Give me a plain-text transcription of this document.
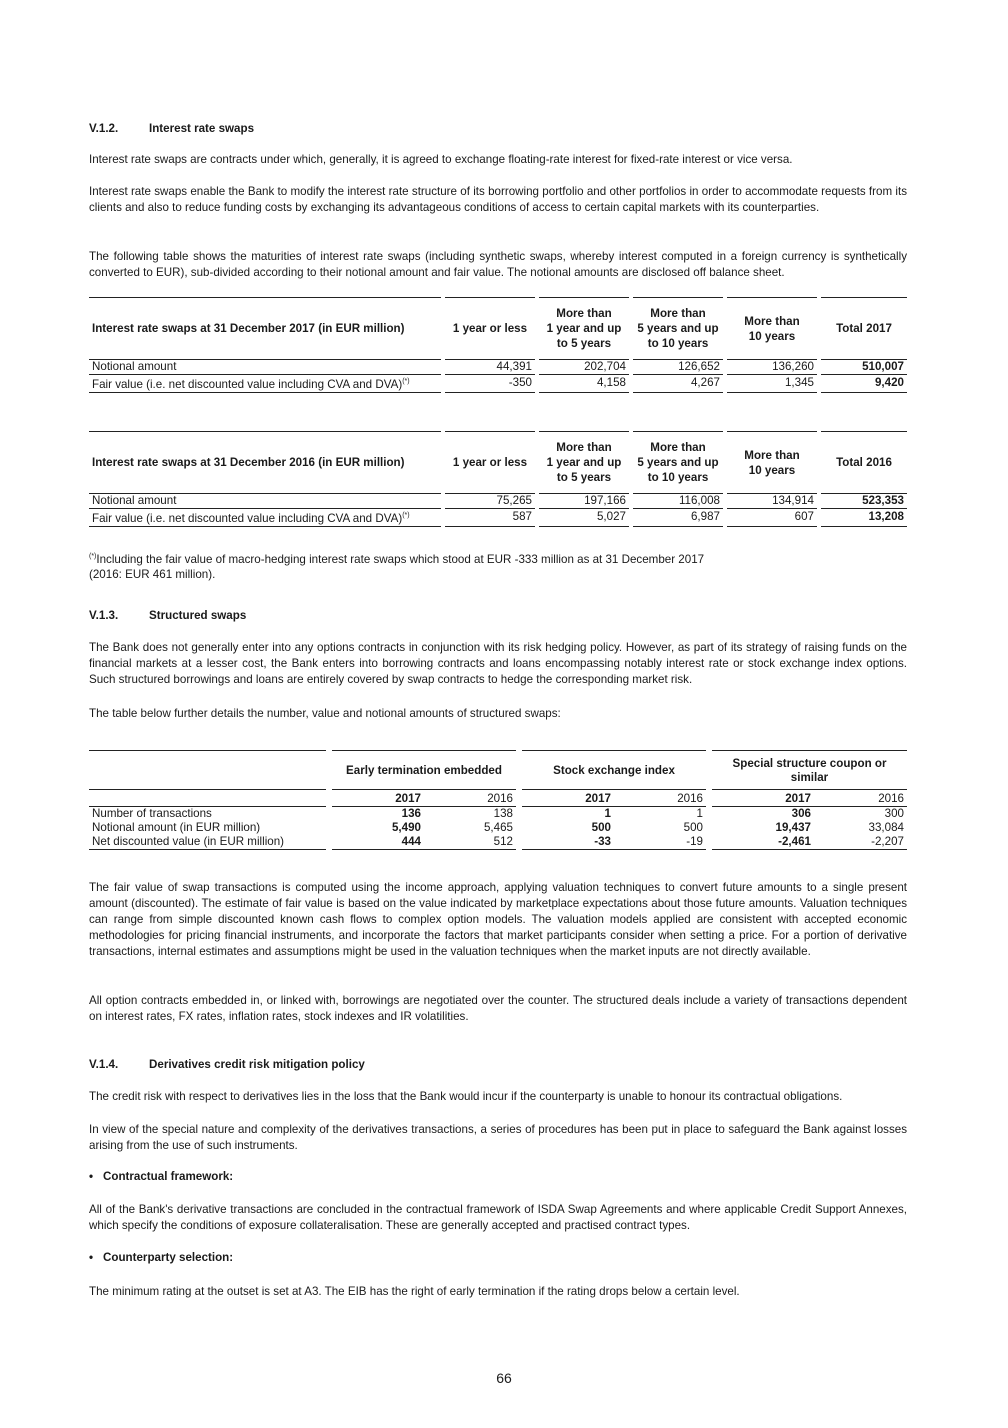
V.1.2.	Interest rate swaps

Interest rate swaps are contracts under which, generally, it is agreed to exchange floating-rate interest for fixed-rate interest or vice versa.

Interest rate swaps enable the Bank to modify the interest rate structure of its borrowing portfolio and other portfolios in order to accommodate requests from its clients and also to reduce funding costs by exchanging its advantageous conditions of access to certain capital markets with its counterparties.

The following table shows the maturities of interest rate swaps (including synthetic swaps, whereby interest computed in a foreign currency is synthetically converted to EUR), sub-divided according to their notional amount and fair value. The notional amounts are disclosed off balance sheet.

Interest rate swaps at 31 December 2017 (in EUR million)		1 year or less		More than
1 year and up
to 5 years		More than
5 years and up
to 10 years		More than
10 years		Total 2017
Notional amount		44,391		202,704		126,652		136,260		510,007
Fair value (i.e. net discounted value including CVA and DVA)(*)		-350		4,158		4,267		1,345		9,420
Interest rate swaps at 31 December 2016 (in EUR million)		1 year or less		More than
1 year and up
to 5 years		More than
5 years and up
to 10 years		More than
10 years		Total 2016
Notional amount		75,265		197,166		116,008		134,914		523,353
Fair value (i.e. net discounted value including CVA and DVA)(*)		587		5,027		6,987		607		13,208
(*)Including the fair value of macro-hedging interest rate swaps which stood at EUR -333 million as at 31 December 2017
(2016: EUR 461 million).
V.1.3.	Structured swaps

The Bank does not generally enter into any options contracts in conjunction with its risk hedging policy. However, as part of its strategy of raising funds on the financial markets at a lesser cost, the Bank enters into borrowing contracts and loans encompassing notably interest rate or stock exchange index options. Such structured borrowings and loans are entirely covered by swap contracts to hedge the corresponding market risk.

The table below further details the number, value and notional amounts of structured swaps:

		Early termination embedded			Stock exchange index			Special structure coupon or similar	
		2017	2016		2017	2016		2017	2016
Number of transactions		136	138		1	1		306	300
Notional amount (in EUR million)		5,490	5,465		500	500		19,437	33,084
Net discounted value (in EUR million)		444	512		-33	-19		-2,461	-2,207

The fair value of swap transactions is computed using the income approach, applying valuation techniques to convert future amounts to a single present amount (discounted). The estimate of fair value is based on the value indicated by marketplace expectations about those future amounts. Valuation techniques can range from simple discounted known cash flows to complex option models. The valuation models applied are consistent with accepted economic methodologies for pricing financial instruments, and incorporate the factors that market participants consider when setting a price. For a portion of derivative transactions, internal estimates and assumptions might be used in the valuation techniques when the market inputs are not directly available.

All option contracts embedded in, or linked with, borrowings are negotiated over the counter. The structured deals include a variety of transactions dependent on interest rates, FX rates, inflation rates, stock indexes and IR volatilities.

V.1.4.	Derivatives credit risk mitigation policy

The credit risk with respect to derivatives lies in the loss that the Bank would incur if the counterparty is unable to honour its contractual obligations.

In view of the special nature and complexity of the derivatives transactions, a series of procedures has been put in place to safeguard the Bank against losses arising from the use of such instruments.

• Contractual framework:

All of the Bank's derivative transactions are concluded in the contractual framework of ISDA Swap Agreements and where applicable Credit Support Annexes, which specify the conditions of exposure collateralisation. These are generally accepted and practised contract types.

• Counterparty selection:

The minimum rating at the outset is set at A3. The EIB has the right of early termination if the rating drops below a certain level.

66
